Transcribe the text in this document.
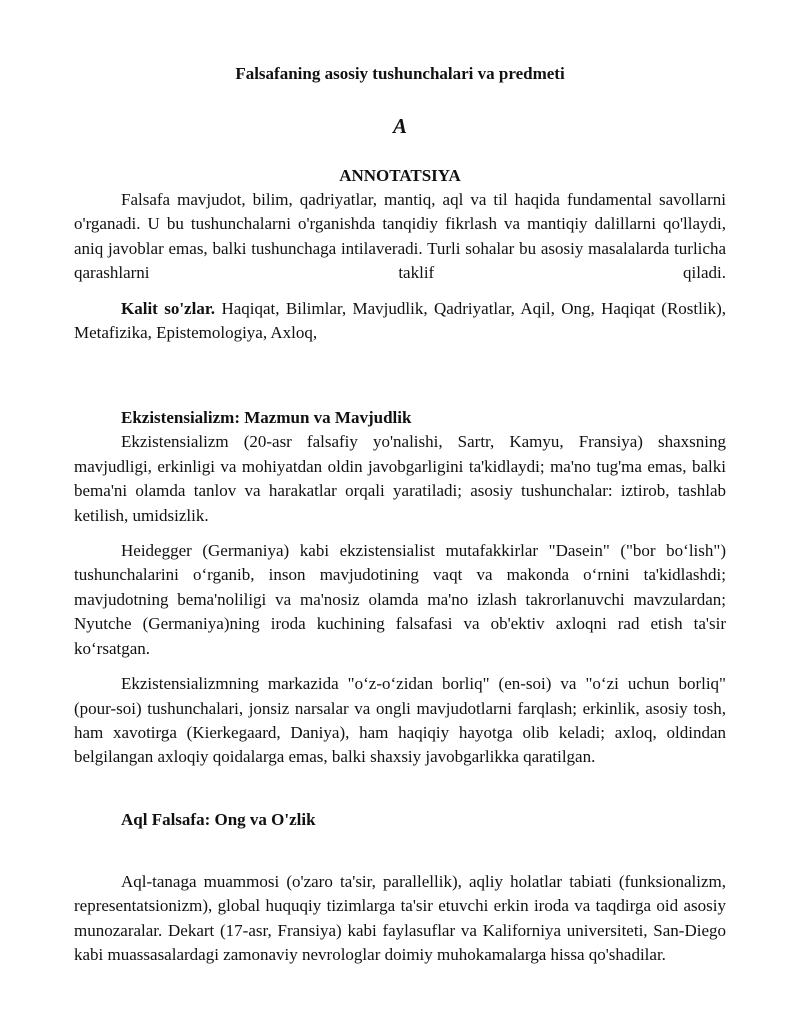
Falsafaning asosiy tushunchalari va predmeti
A
ANNOTATSIYA

Falsafa mavjudot, bilim, qadriyatlar, mantiq, aql va til haqida fundamental savollarni o'rganadi. U bu tushunchalarni o'rganishda tanqidiy fikrlash va mantiqiy dalillarni qo'llaydi, aniq javoblar emas, balki tushunchaga intilaveradi. Turli sohalar bu asosiy masalalarda turlicha qarashlarni taklif qiladi.

Kalit so'zlar. Haqiqat, Bilimlar, Mavjudlik, Qadriyatlar, Aqil, Ong, Haqiqat (Rostlik), Metafizika, Epistemologiya, Axloq,

Ekzistensializm: Mazmun va Mavjudlik

Ekzistensializm (20-asr falsafiy yo'nalishi, Sartr, Kamyu, Fransiya) shaxsning mavjudligi, erkinligi va mohiyatdan oldin javobgarligini ta'kidlaydi; ma'no tug'ma emas, balki bema'ni olamda tanlov va harakatlar orqali yaratiladi; asosiy tushunchalar: iztirob, tashlab ketilish, umidsizlik.

Heidegger (Germaniya) kabi ekzistensialist mutafakkirlar "Dasein" ("bor bo‘lish") tushunchalarini o‘rganib, inson mavjudotining vaqt va makonda o‘rnini ta'kidlashdi; mavjudotning bema'noliligi va ma'nosiz olamda ma'no izlash takrorlanuvchi mavzulardan; Nyutche (Germaniya)ning iroda kuchining falsafasi va ob'ektiv axloqni rad etish ta'sir ko‘rsatgan.

Ekzistensializmning markazida "o‘z-o‘zidan borliq" (en-soi) va "o‘zi uchun borliq" (pour-soi) tushunchalari, jonsiz narsalar va ongli mavjudotlarni farqlash; erkinlik, asosiy tosh, ham xavotirga (Kierkegaard, Daniya), ham haqiqiy hayotga olib keladi; axloq, oldindan belgilangan axloqiy qoidalarga emas, balki shaxsiy javobgarlikka qaratilgan.

Aql Falsafa: Ong va O'zlik

Aql-tanaga muammosi (o'zaro ta'sir, parallellik), aqliy holatlar tabiati (funksionalizm, representatsionizm), global huquqiy tizimlarga ta'sir etuvchi erkin iroda va taqdirga oid asosiy munozaralar. Dekart (17-asr, Fransiya) kabi faylasuflar va Kaliforniya universiteti, San-Diego kabi muassasalardagi zamonaviy nevrologlar doimiy muhokamalarga hissa qo'shadilar.
